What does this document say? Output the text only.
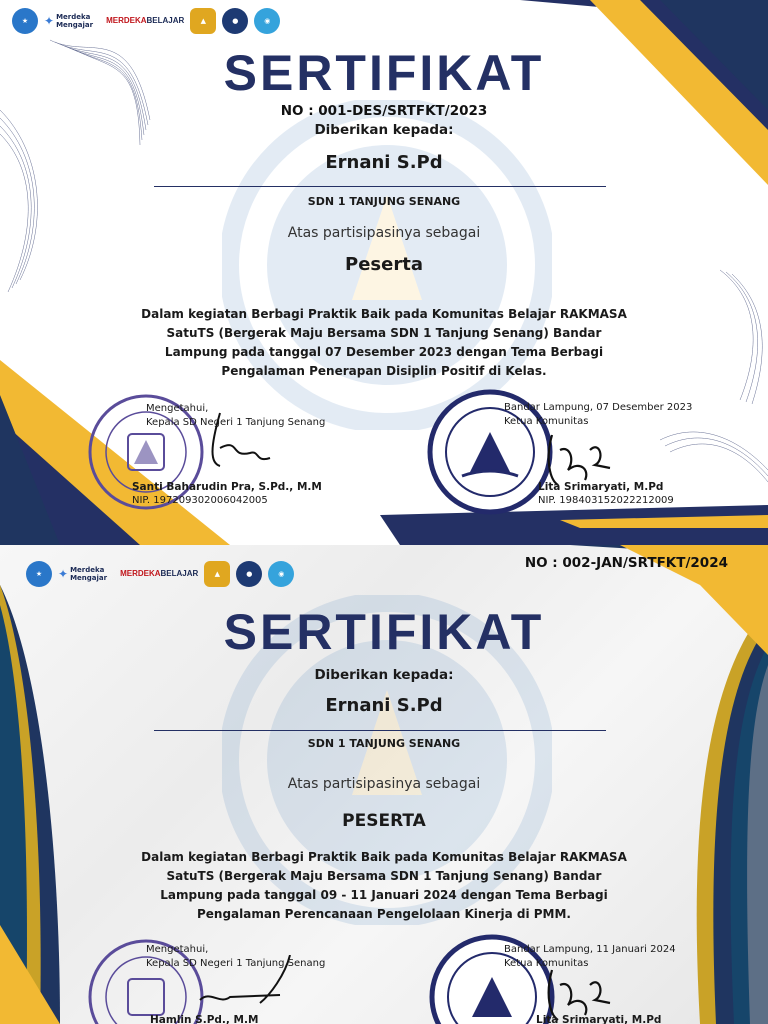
★	✦ Merdeka Mengajar	MERDEKA BELAJAR	▲	●	◉
SERTIFIKAT
NO : 001-DES/SRTFKT/2023
Diberikan kepada:
Ernani S.Pd
SDN 1 TANJUNG SENANG
Atas partisipasinya sebagai
Peserta
Dalam kegiatan Berbagi Praktik Baik pada Komunitas Belajar RAKMASA
SatuTS (Bergerak Maju Bersama SDN 1 Tanjung Senang) Bandar
Lampung pada tanggal 07 Desember 2023 dengan Tema Berbagi
Pengalaman Penerapan Disiplin Positif di Kelas.
Mengetahui,
Kepala SD Negeri 1 Tanjung Senang
Santi Baharudin Pra, S.Pd., M.M
NIP. 197209302006042005
Bandar Lampung, 07 Desember 2023
Ketua Komunitas
Lita Srimaryati, M.Pd
NIP. 198403152022212009
★	✦ Merdeka Mengajar	MERDEKA BELAJAR	▲	●	◉
NO : 002-JAN/SRTFKT/2024
SERTIFIKAT
Diberikan kepada:
Ernani S.Pd
SDN 1 TANJUNG SENANG
Atas partisipasinya sebagai
PESERTA
Dalam kegiatan Berbagi Praktik Baik pada Komunitas Belajar RAKMASA
SatuTS (Bergerak Maju Bersama SDN 1 Tanjung Senang) Bandar
Lampung pada tanggal 09 - 11 Januari 2024 dengan Tema Berbagi
Pengalaman Perencanaan Pengelolaan Kinerja di PMM.
Mengetahui,
Kepala SD Negeri 1 Tanjung Senang
Hamlin S.Pd., M.M
Bandar Lampung, 11 Januari 2024
Ketua Komunitas
Lita Srimaryati, M.Pd
